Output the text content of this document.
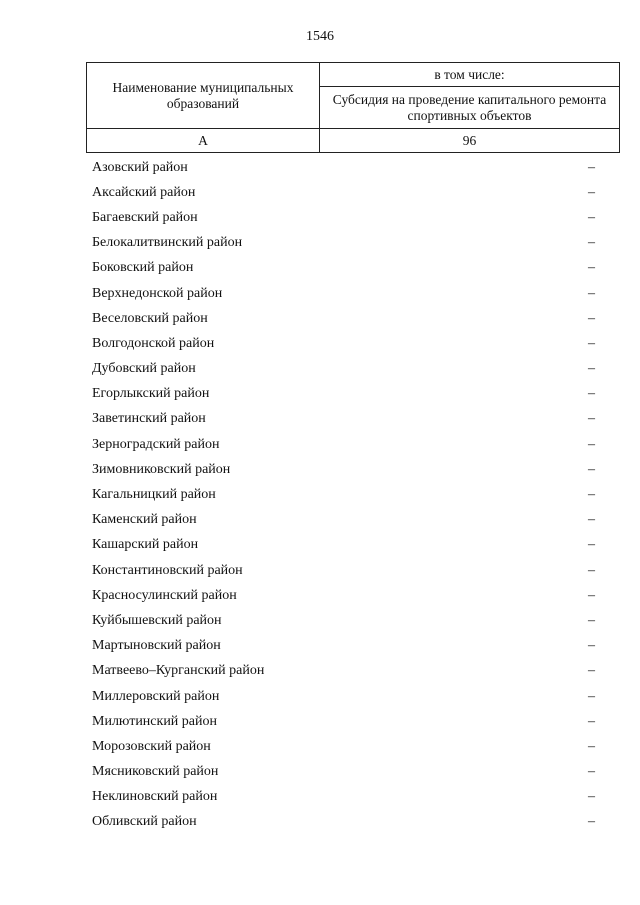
1546
Наименование муниципальных образований	в том числе:
	Субсидия на проведение капитального ремонта спортивных объектов
А	96
Азовский район	–
Аксайский район	–
Багаевский район	–
Белокалитвинский район	–
Боковский район	–
Верхнедонской район	–
Веселовский район	–
Волгодонской район	–
Дубовский район	–
Егорлыкский район	–
Заветинский район	–
Зерноградский район	–
Зимовниковский район	–
Кагальницкий район	–
Каменский район	–
Кашарский район	–
Константиновский район	–
Красносулинский район	–
Куйбышевский район	–
Мартыновский район	–
Матвеево–Курганский район	–
Миллеровский район	–
Милютинский район	–
Морозовский район	–
Мясниковский район	–
Неклиновский район	–
Обливский район	–
